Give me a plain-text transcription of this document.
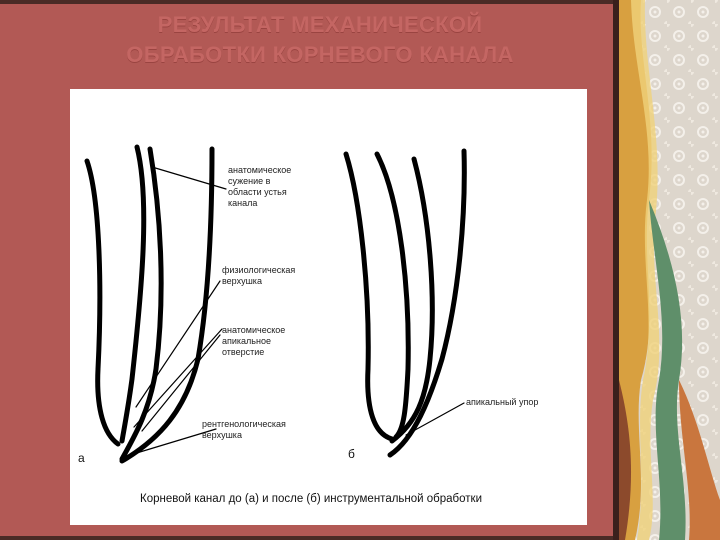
РЕЗУЛЬТАТ МЕХАНИЧЕСКОЙ
ОБРАБОТКИ КОРНЕВОГО КАНАЛА
анатомическое
сужение в
области устья
канала
физиологическая
верхушка
анатомическое
апикальное
отверстие
рентгенологическая
верхушка
апикальный упор
а	б
Корневой канал до (а) и после (б) инструментальной обработки
